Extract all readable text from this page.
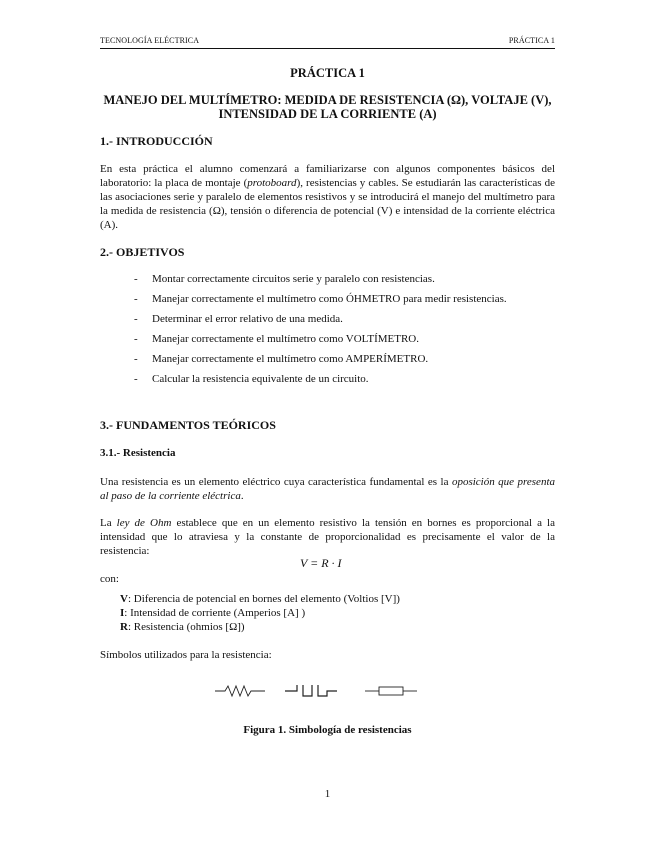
TECNOLOGÍA ELÉCTRICA	PRÁCTICA 1
PRÁCTICA 1
MANEJO DEL MULTÍMETRO: MEDIDA DE RESISTENCIA (Ω), VOLTAJE (V),
INTENSIDAD DE LA CORRIENTE (A)
1.- INTRODUCCIÓN
En esta práctica el alumno comenzará a familiarizarse con algunos componentes básicos del laboratorio: la placa de montaje (protoboard), resistencias y cables. Se estudiarán las características de las asociaciones serie y paralelo de elementos resistivos y se introducirá el manejo del multímetro para la medida de resistencia (Ω), tensión o diferencia de potencial (V) e intensidad de la corriente eléctrica (A).
2.- OBJETIVOS
- Montar correctamente circuitos serie y paralelo con resistencias.
- Manejar correctamente el multímetro como ÓHMETRO para medir resistencias.
- Determinar el error relativo de una medida.
- Manejar correctamente el multímetro como VOLTÍMETRO.
- Manejar correctamente el multímetro como AMPERÍMETRO.
- Calcular la resistencia equivalente de un circuito.
3.- FUNDAMENTOS TEÓRICOS
3.1.- Resistencia
Una resistencia es un elemento eléctrico cuya característica fundamental es la oposición que presenta al paso de la corriente eléctrica.
La ley de Ohm establece que en un elemento resistivo la tensión en bornes es proporcional a la intensidad que lo atraviesa y la constante de proporcionalidad es precisamente el valor de la resistencia:
V = R · I
con:
V: Diferencia de potencial en bornes del elemento (Voltios [V])
I: Intensidad de corriente (Amperios [A] )
R: Resistencia (ohmios [Ω])
Símbolos utilizados para la resistencia:
Figura 1. Simbología de resistencias
1
